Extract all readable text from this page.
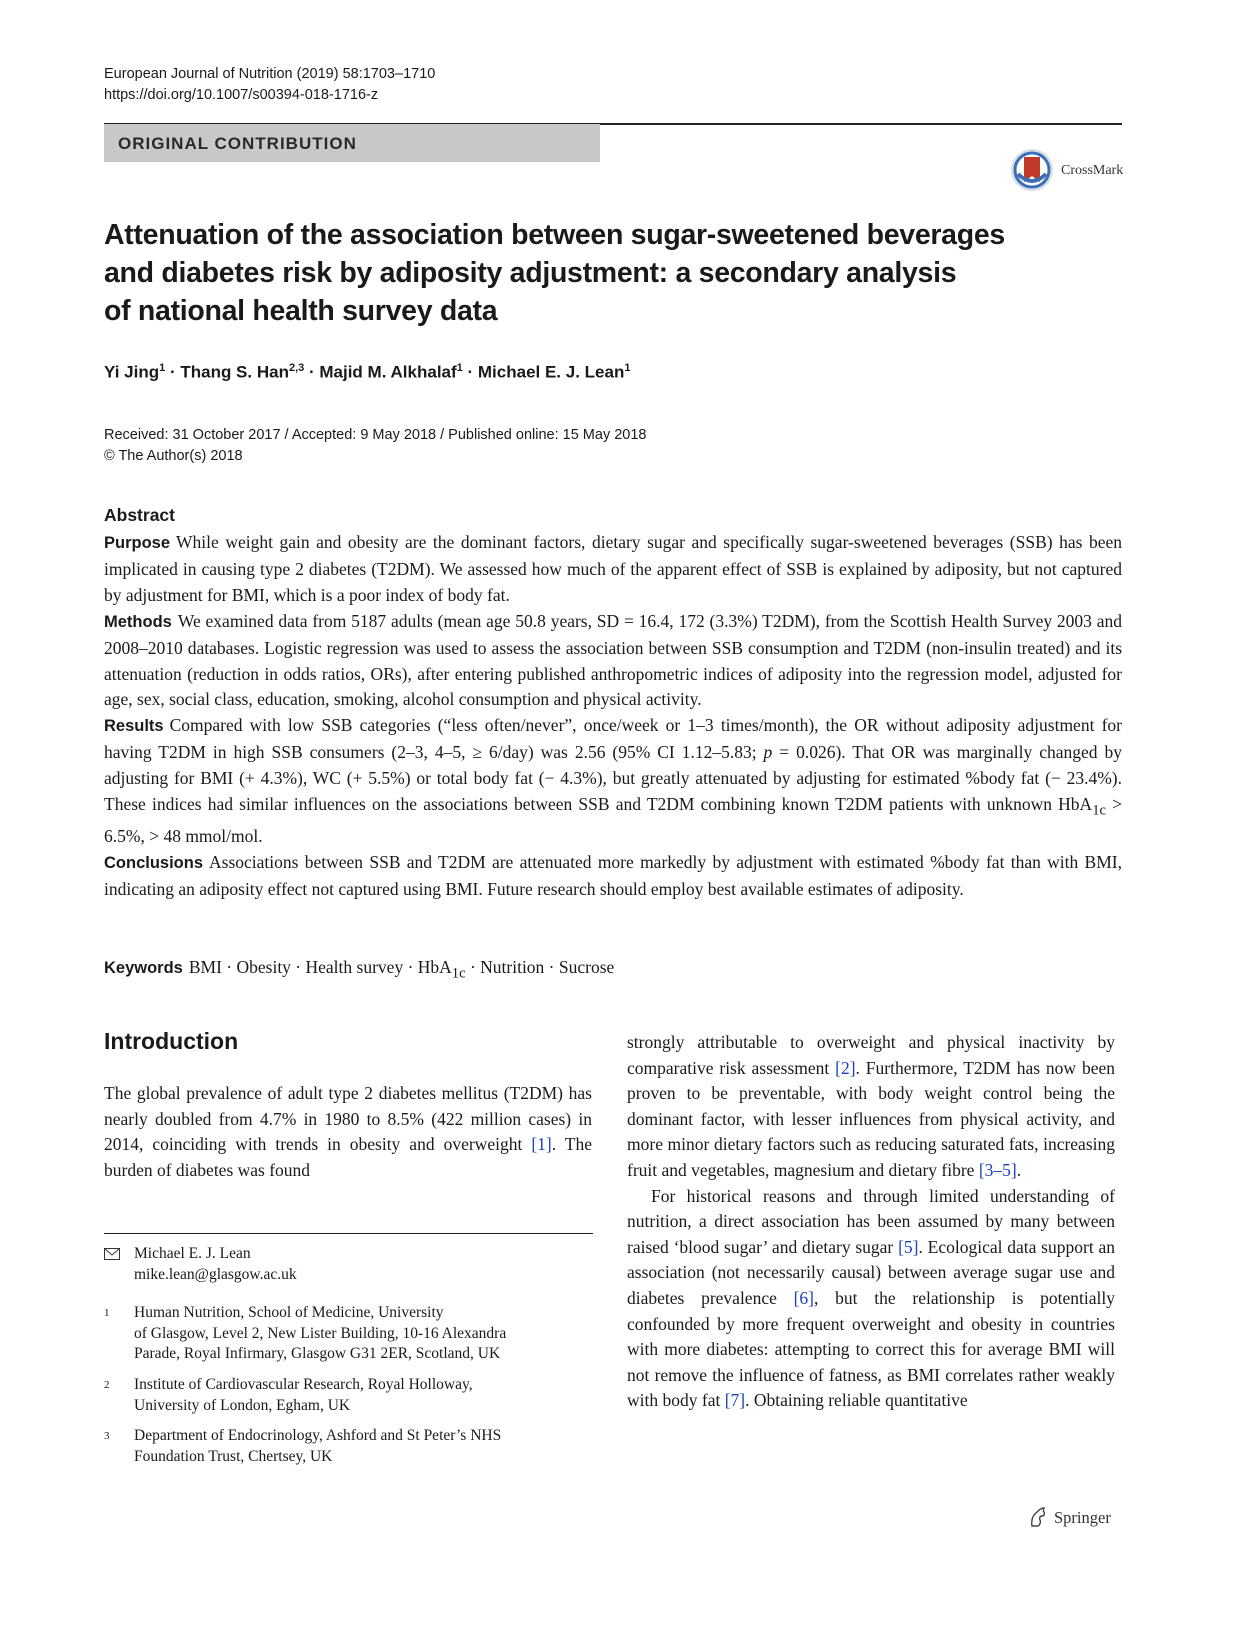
European Journal of Nutrition (2019) 58:1703–1710
https://doi.org/10.1007/s00394-018-1716-z
ORIGINAL CONTRIBUTION
CrossMark
Attenuation of the association between sugar-sweetened beverages
and diabetes risk by adiposity adjustment: a secondary analysis
of national health survey data
Yi Jing$^1$ · Thang S. Han$^{2,3}$ · Majid M. Alkhalaf$^1$ · Michael E. J. Lean$^1$
Received: 31 October 2017 / Accepted: 9 May 2018 / Published online: 15 May 2018
© The Author(s) 2018
Abstract

Purpose While weight gain and obesity are the dominant factors, dietary sugar and specifically sugar-sweetened beverages (SSB) has been implicated in causing type 2 diabetes (T2DM). We assessed how much of the apparent effect of SSB is explained by adiposity, but not captured by adjustment for BMI, which is a poor index of body fat.

Methods We examined data from 5187 adults (mean age 50.8 years, SD = 16.4, 172 (3.3%) T2DM), from the Scottish Health Survey 2003 and 2008–2010 databases. Logistic regression was used to assess the association between SSB consumption and T2DM (non-insulin treated) and its attenuation (reduction in odds ratios, ORs), after entering published anthropometric indices of adiposity into the regression model, adjusted for age, sex, social class, education, smoking, alcohol consumption and physical activity.

Results Compared with low SSB categories (“less often/never”, once/week or 1–3 times/month), the OR without adiposity adjustment for having T2DM in high SSB consumers (2–3, 4–5, ≥ 6/day) was 2.56 (95% CI 1.12–5.83; p = 0.026). That OR was marginally changed by adjusting for BMI (+ 4.3%), WC (+ 5.5%) or total body fat (− 4.3%), but greatly attenuated by adjusting for estimated %body fat (− 23.4%). These indices had similar influences on the associations between SSB and T2DM combining known T2DM patients with unknown HbA$_{1c}$ > 6.5%, > 48 mmol/mol.

Conclusions Associations between SSB and T2DM are attenuated more markedly by adjustment with estimated %body fat than with BMI, indicating an adiposity effect not captured using BMI. Future research should employ best available estimates of adiposity.

Keywords BMI · Obesity · Health survey · HbA$_{1c}$ · Nutrition · Sucrose
Introduction

The global prevalence of adult type 2 diabetes mellitus (T2DM) has nearly doubled from 4.7% in 1980 to 8.5% (422 million cases) in 2014, coinciding with trends in obesity and overweight [1]. The burden of diabetes was found

strongly attributable to overweight and physical inactivity by comparative risk assessment [2]. Furthermore, T2DM has now been proven to be preventable, with body weight control being the dominant factor, with lesser influences from physical activity, and more minor dietary factors such as reducing saturated fats, increasing fruit and vegetables, magnesium and dietary fibre [3–5].

For historical reasons and through limited understanding of nutrition, a direct association has been assumed by many between raised ‘blood sugar’ and dietary sugar [5]. Ecological data support an association (not necessarily causal) between average sugar use and diabetes prevalence [6], but the relationship is potentially confounded by more frequent overweight and obesity in countries with more diabetes: attempting to correct this for average BMI will not remove the influence of fatness, as BMI correlates rather weakly with body fat [7]. Obtaining reliable quantitative

Michael E. J. Lean
mike.lean@glasgow.ac.uk
1	Human Nutrition, School of Medicine, University
of Glasgow, Level 2, New Lister Building, 10-16 Alexandra
Parade, Royal Infirmary, Glasgow G31 2ER, Scotland, UK
2	Institute of Cardiovascular Research, Royal Holloway,
University of London, Egham, UK
3	Department of Endocrinology, Ashford and St Peter’s NHS
Foundation Trust, Chertsey, UK
Springer
